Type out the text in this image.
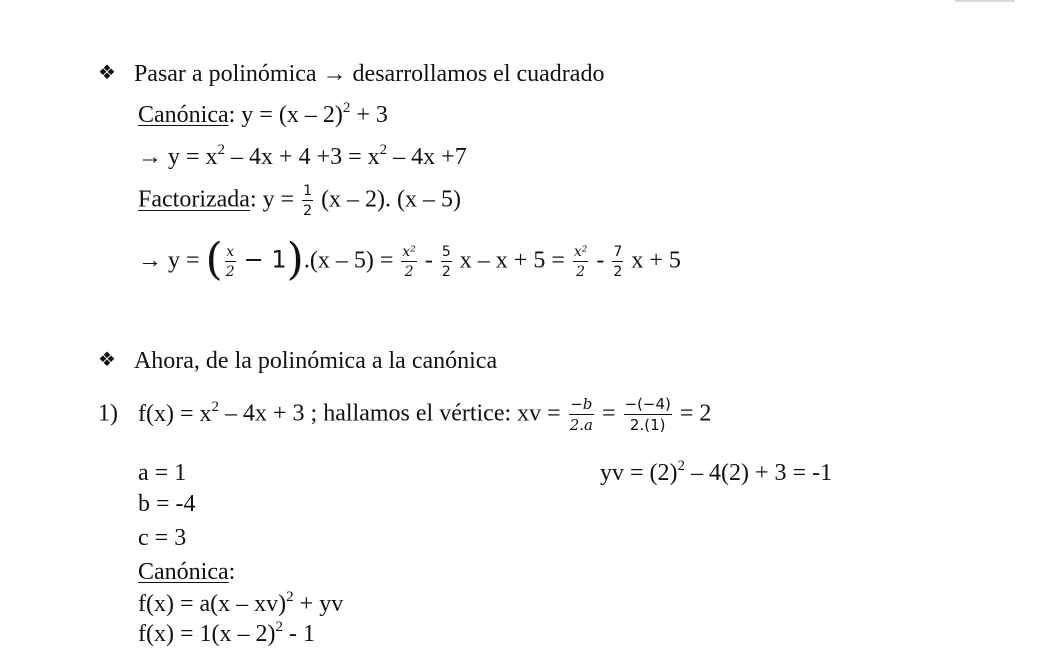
❖ Pasar a polinómica → desarrollamos el cuadrado
Canónica: y = (x – 2)$^2$ + 3
→ $y = x^2 - 4x + 4 +3 = x^2 - 4x +7$
Factorizada: $y = \frac{1}{2} (x - 2)$. (x – 5)
→ y = ( $\frac{x}{2} - 1).(x - 5) = \frac{\text{x²}}{2} - \frac{5}{2}$ $x - x + 5 = \frac{\text{x²}}{2} - \frac{7}{2}$ x + 5
❖ Ahora, de la polinómica a la canónica
1) $f(x) = x^2 - 4x + 3$ ; hallamos el vértice: xv = $\frac{-b}{2.a} = \frac{-(-4)}{2.(1)} = 2$
a = 1	yv = $(2)^2 - 4(2) + 3 = -1$
b = -4
c = 3
Canónica:
f(x) = a(x – xv)$^2$ + yv
f(x) = 1(x – 2)$^2$ - 1
